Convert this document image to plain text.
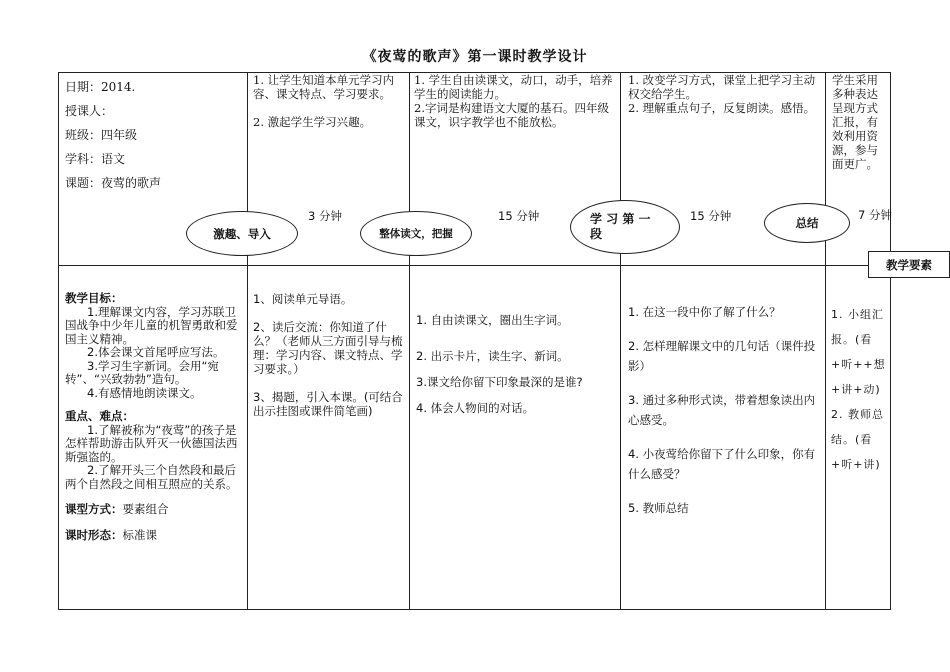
《夜莺的歌声》第一课时教学设计
日期：2014.
授课人：
班级：四年级
学科：语文
课题：夜莺的歌声
1. 让学生知道本单元学习内容、课文特点、学习要求。
2. 激起学生学习兴趣。
1. 学生自由读课文，动口，动手，培养学生的阅读能力。
2.字词是构建语文大厦的基石。四年级课文，识字教学也不能放松。
1. 改变学习方式，课堂上把学习主动权交给学生。
2. 理解重点句子，反复朗读。感悟。
学生采用多种表达呈现方式汇报，有效利用资源，参与面更广。
激趣、导入
3 分钟
整体读文，把握
15 分钟	学 习 第 一 段
15 分钟	总结
7 分钟
教学要素
教学目标：
1.理解课文内容，学习苏联卫国战争中少年儿童的机智勇敢和爱国主义精神。
2.体会课文首尾呼应写法。
3.学习生字新词。会用“宛转”、“兴致勃勃”造句。
4.有感情地朗读课文。
重点、难点：
1.了解被称为“夜莺”的孩子是怎样帮助游击队歼灭一伙德国法西斯强盗的。
2.了解开头三个自然段和最后两个自然段之间相互照应的关系。
课型方式：要素组合
课时形态：标准课
1、阅读单元导语。
2、读后交流：你知道了什么？（老师从三方面引导与梳理：学习内容、课文特点、学习要求。）
3、揭题，引入本课。(可结合出示挂图或课件简笔画)
1. 自由读课文，圈出生字词。
2. 出示卡片，读生字、新词。
3.课文给你留下印象最深的是谁?
4. 体会人物间的对话。
1. 在这一段中你了解了什么？
2. 怎样理解课文中的几句话（课件投影）
3. 通过多种形式读，带着想象读出内心感受。
4. 小夜莺给你留下了什么印象，你有什么感受？
5. 教师总结
1. 小组汇报。(看+听++想+讲+动)
2. 教师总结。(看+听+讲)
